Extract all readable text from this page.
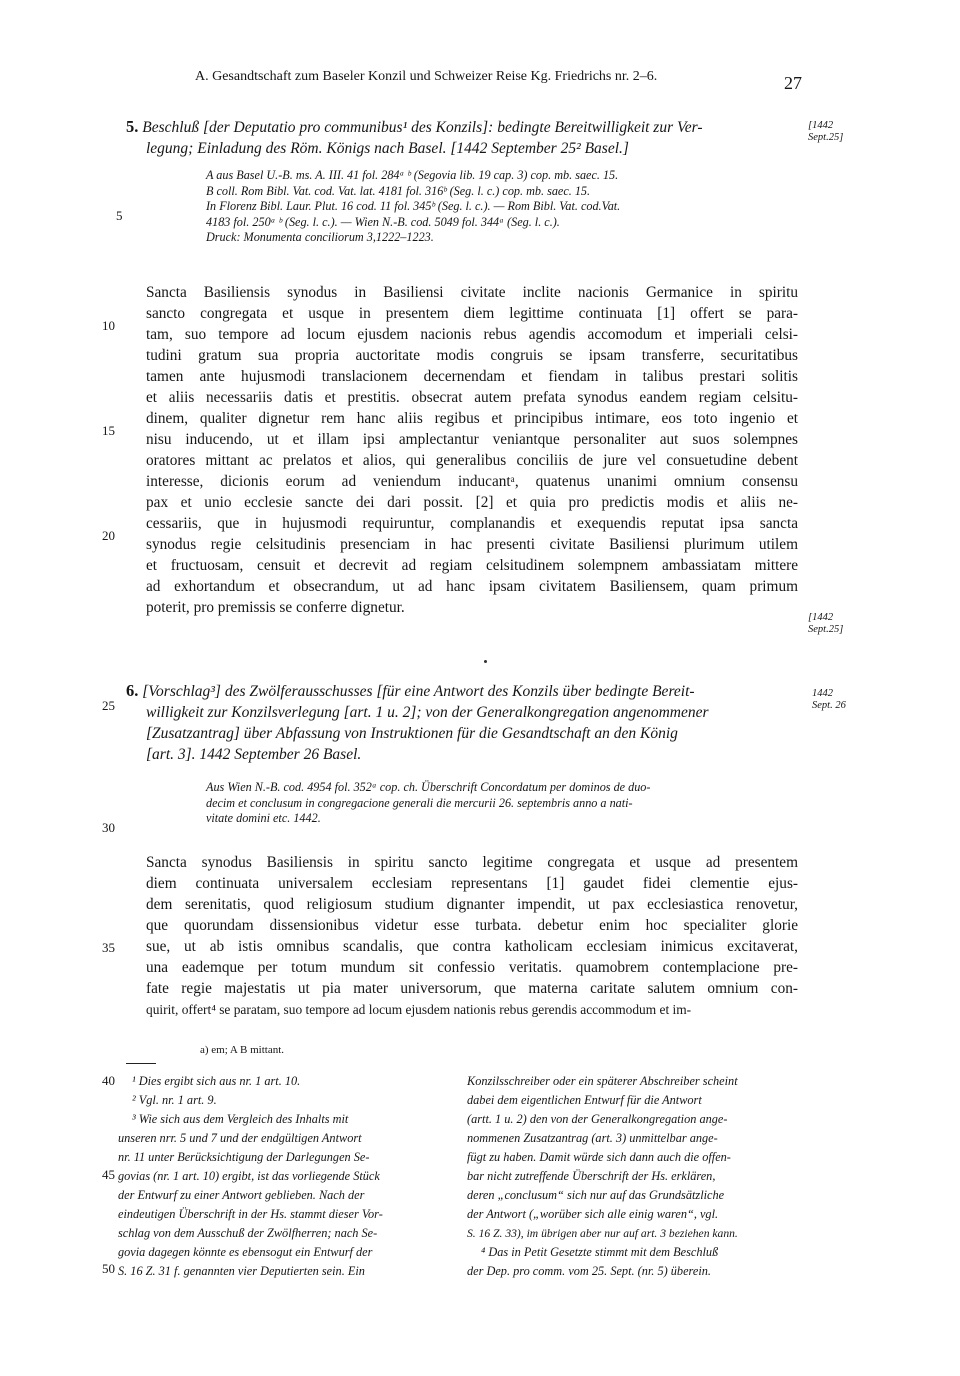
A. Gesandtschaft zum Baseler Konzil und Schweizer Reise Kg. Friedrichs nr. 2–6.	27
5
10
15
20
25
30
35
40
45
50
5. Beschluß [der Deputatio pro communibus¹ des Konzils]: bedingte Bereitwilligkeit zur Ver-
legung; Einladung des Röm. Königs nach Basel. [1442 September 25² Basel.]
[1442
Sept.25]
A aus Basel U.-B. ms. A. III. 41 fol. 284ᵃ ᵇ (Segovia lib. 19 cap. 3) cop. mb. saec. 15.
B coll. Rom Bibl. Vat. cod. Vat. lat. 4181 fol. 316ᵇ (Seg. l. c.) cop. mb. saec. 15.
In Florenz Bibl. Laur. Plut. 16 cod. 11 fol. 345ᵇ (Seg. l. c.). — Rom Bibl. Vat. cod.Vat.
4183 fol. 250ᵃ ᵇ (Seg. l. c.). — Wien N.-B. cod. 5049 fol. 344ᵃ (Seg. l. c.).
Druck: Monumenta conciliorum 3,1222–1223.
Sancta Basiliensis synodus in Basiliensi civitate inclite nacionis Germanice in spiritu
sancto congregata et usque in presentem diem legittime continuata [1] offert se para-
tam, suo tempore ad locum ejusdem nacionis rebus agendis accomodum et imperiali celsi-
tudini gratum sua propria auctoritate modis congruis se ipsam transferre, securitatibus
tamen ante hujusmodi translacionem decernendam et fiendam in talibus prestari solitis
et aliis necessariis datis et prestitis. obsecrat autem prefata synodus eandem regiam celsitu-
dinem, qualiter dignetur rem hanc aliis regibus et principibus intimare, eos toto ingenio et
nisu inducendo, ut et illam ipsi amplectantur veniantque personaliter aut suos solempnes
oratores mittant ac prelatos et alios, qui generalibus conciliis de jure vel consuetudine debent
interesse, dicionis eorum ad veniendum inducantᵃ, quatenus unanimi omnium consensu
pax et unio ecclesie sancte dei dari possit. [2] et quia pro predictis modis et aliis ne-
cessariis, que in hujusmodi requiruntur, complanandis et exequendis reputat ipsa sancta
synodus regie celsitudinis presenciam in hac presenti civitate Basiliensi plurimum utilem
et fructuosam, censuit et decrevit ad regiam celsitudinem solempnem ambassiatam mittere
ad exhortandum et obsecrandum, ut ad hanc ipsam civitatem Basiliensem, quam primum
poterit, pro premissis se conferre dignetur.
[1442
Sept.25]
6. [Vorschlag³] des Zwölferausschusses [für eine Antwort des Konzils über bedingte Bereit-
willigkeit zur Konzilsverlegung [art. 1 u. 2]; von der Generalkongregation angenommener
[Zusatzantrag] über Abfassung von Instruktionen für die Gesandtschaft an den König
[art. 3]. 1442 September 26 Basel.
1442
Sept. 26
Aus Wien N.-B. cod. 4954 fol. 352ᵃ cop. ch. Überschrift Concordatum per dominos de duo-
decim et conclusum in congregacione generali die mercurii 26. septembris anno a nati-
vitate domini etc. 1442.
Sancta synodus Basiliensis in spiritu sancto legitime congregata et usque ad presentem
diem continuata universalem ecclesiam representans [1] gaudet fidei clementie ejus-
dem serenitatis, quod religiosum studium dignanter impendit, ut pax ecclesiastica renovetur,
que quorundam dissensionibus videtur esse turbata. debetur enim hoc specialiter glorie
sue, ut ab istis omnibus scandalis, que contra katholicam ecclesiam inimicus excitaverat,
una eademque per totum mundum sit confessio veritatis. quamobrem contemplacione pre-
fate regie majestatis ut pia mater universorum, que materna caritate salutem omnium con-
quirit, offert⁴ se paratam, suo tempore ad locum ejusdem nationis rebus gerendis accommodum et im-
a) em; A B mittant.
¹ Dies ergibt sich aus nr. 1 art. 10.
² Vgl. nr. 1 art. 9.
³ Wie sich aus dem Vergleich des Inhalts mit
unseren nrr. 5 und 7 und der endgültigen Antwort
nr. 11 unter Berücksichtigung der Darlegungen Se-
govias (nr. 1 art. 10) ergibt, ist das vorliegende Stück
der Entwurf zu einer Antwort geblieben. Nach der
eindeutigen Überschrift in der Hs. stammt dieser Vor-
schlag von dem Ausschuß der Zwölfherren; nach Se-
govia dagegen könnte es ebensogut ein Entwurf der
S. 16 Z. 31 f. genannten vier Deputierten sein. Ein
Konzilsschreiber oder ein späterer Abschreiber scheint
dabei dem eigentlichen Entwurf für die Antwort
(artt. 1 u. 2) den von der Generalkongregation ange-
nommenen Zusatzantrag (art. 3) unmittelbar ange-
fügt zu haben. Damit würde sich dann auch die offen-
bar nicht zutreffende Überschrift der Hs. erklären,
deren „conclusum“ sich nur auf das Grundsätzliche
der Antwort („worüber sich alle einig waren“, vgl.
S. 16 Z. 33), im übrigen aber nur auf art. 3 beziehen kann.
⁴ Das in Petit Gesetzte stimmt mit dem Beschluß
der Dep. pro comm. vom 25. Sept. (nr. 5) überein.
